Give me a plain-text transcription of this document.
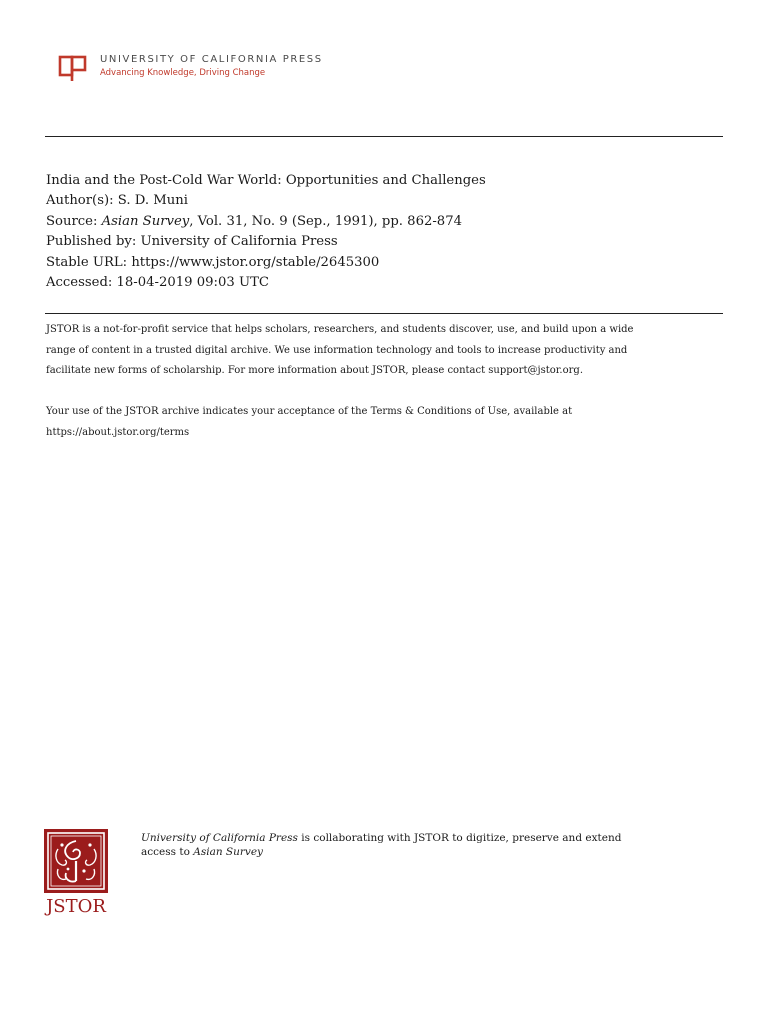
UNIVERSITY OF CALIFORNIA PRESS
Advancing Knowledge, Driving Change
India and the Post-Cold War World: Opportunities and Challenges
Author(s): S. D. Muni
Source: Asian Survey, Vol. 31, No. 9 (Sep., 1991), pp. 862-874
Published by: University of California Press
Stable URL: https://www.jstor.org/stable/2645300
Accessed: 18-04-2019 09:03 UTC
JSTOR is a not-for-profit service that helps scholars, researchers, and students discover, use, and build upon a wide
range of content in a trusted digital archive. We use information technology and tools to increase productivity and
facilitate new forms of scholarship. For more information about JSTOR, please contact support@jstor.org.
Your use of the JSTOR archive indicates your acceptance of the Terms & Conditions of Use, available at
https://about.jstor.org/terms
JSTOR
University of California Press is collaborating with JSTOR to digitize, preserve and extend
access to Asian Survey
